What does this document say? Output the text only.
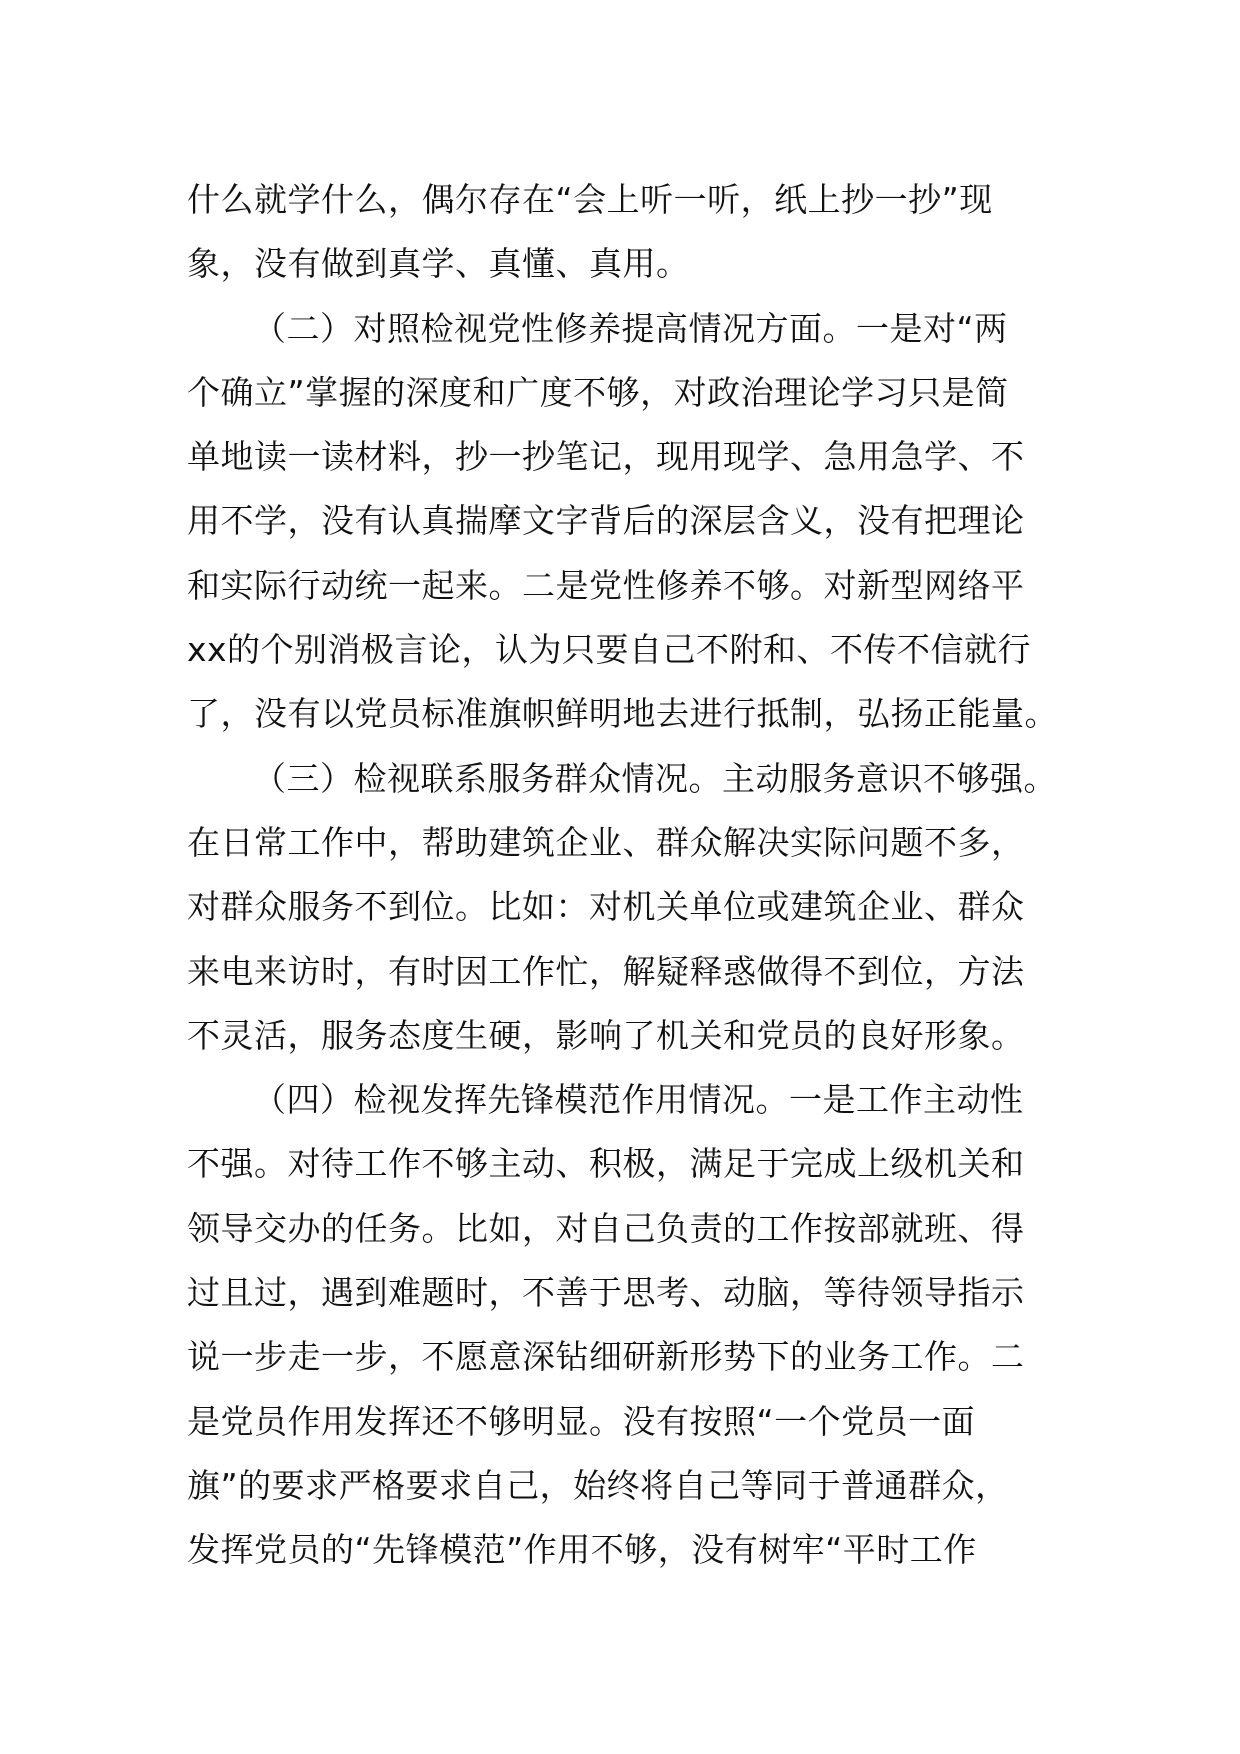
什么就学什么，偶尔存在“会上听一听，纸上抄一抄”现
象，没有做到真学、真懂、真用。
（二）对照检视党性修养提高情况方面。一是对“两
个确立”掌握的深度和广度不够，对政治理论学习只是简
单地读一读材料，抄一抄笔记，现用现学、急用急学、不
用不学，没有认真揣摩文字背后的深层含义，没有把理论
和实际行动统一起来。二是党性修养不够。对新型网络平
xx的个别消极言论，认为只要自己不附和、不传不信就行
了，没有以党员标准旗帜鲜明地去进行抵制，弘扬正能量。
（三）检视联系服务群众情况。主动服务意识不够强。
在日常工作中，帮助建筑企业、群众解决实际问题不多，
对群众服务不到位。比如：对机关单位或建筑企业、群众
来电来访时，有时因工作忙，解疑释惑做得不到位，方法
不灵活，服务态度生硬，影响了机关和党员的良好形象。
（四）检视发挥先锋模范作用情况。一是工作主动性
不强。对待工作不够主动、积极，满足于完成上级机关和
领导交办的任务。比如，对自己负责的工作按部就班、得
过且过，遇到难题时，不善于思考、动脑，等待领导指示
说一步走一步，不愿意深钻细研新形势下的业务工作。二
是党员作用发挥还不够明显。没有按照“一个党员一面
旗”的要求严格要求自己，始终将自己等同于普通群众，
发挥党员的“先锋模范”作用不够，没有树牢“平时工作
